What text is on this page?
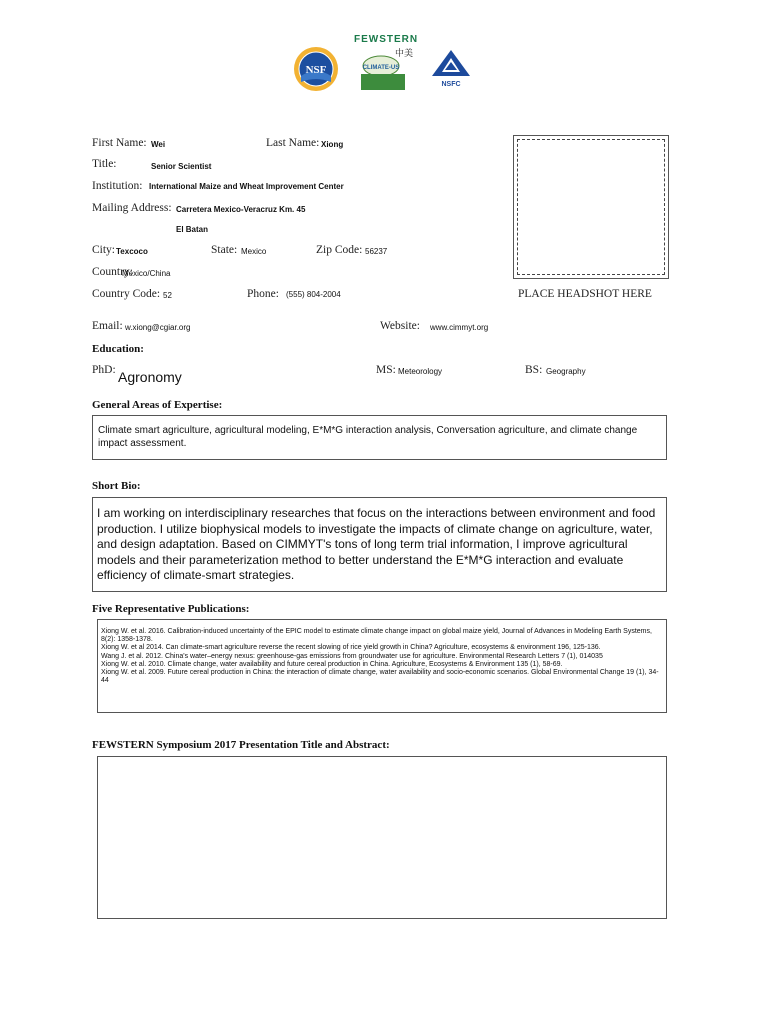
FEWSTERN
NSF	CLIMATE-US
中美
NSFC
First Name: Wei	Last Name: Xiong
Title:	Senior Scientist
Institution: International Maize and Wheat Improvement Center
Mailing Address: Carretera Mexico-Veracruz Km. 45
El Batan
City: Texcoco	State: Mexico	Zip Code: 56237
Country:
Mexico/China
Country Code: 52	Phone: (555) 804-2004
Email: w.xiong@cgiar.org	Website: www.cimmyt.org
PLACE HEADSHOT HERE
Education:
PhD: Agronomy	MS: Meteorology	BS: Geography
General Areas of Expertise:
Climate smart agriculture, agricultural modeling, E*M*G interaction analysis, Conversation agriculture, and climate change impact assessment.
Short Bio:
I am working on interdisciplinary researches that focus on the interactions between environment and food production. I utilize biophysical models to investigate the impacts of climate change on agriculture, water, and design adaptation. Based on CIMMYT's tons of long term trial information, I improve agricultural models and their parameterization method to better understand the E*M*G interaction and evaluate efficiency of climate-smart strategies.
Five Representative Publications:
Xiong W. et al. 2016. Calibration-induced uncertainty of the EPIC model to estimate climate change impact on global maize yield, Journal of Advances in Modeling Earth Systems, 8(2): 1358-1378.
Xiong W. et al 2014. Can climate-smart agriculture reverse the recent slowing of rice yield growth in China? Agriculture, ecosystems & environment 196, 125-136.
Wang J. et al. 2012. China's water–energy nexus: greenhouse-gas emissions from groundwater use for agriculture. Environmental Research Letters 7 (1), 014035
Xiong W. et al. 2010. Climate change, water availability and future cereal production in China. Agriculture, Ecosystems & Environment 135 (1), 58-69.
Xiong W. et al. 2009. Future cereal production in China: the interaction of climate change, water availability and socio-economic scenarios. Global Environmental Change 19 (1), 34-44
FEWSTERN Symposium 2017 Presentation Title and Abstract:
